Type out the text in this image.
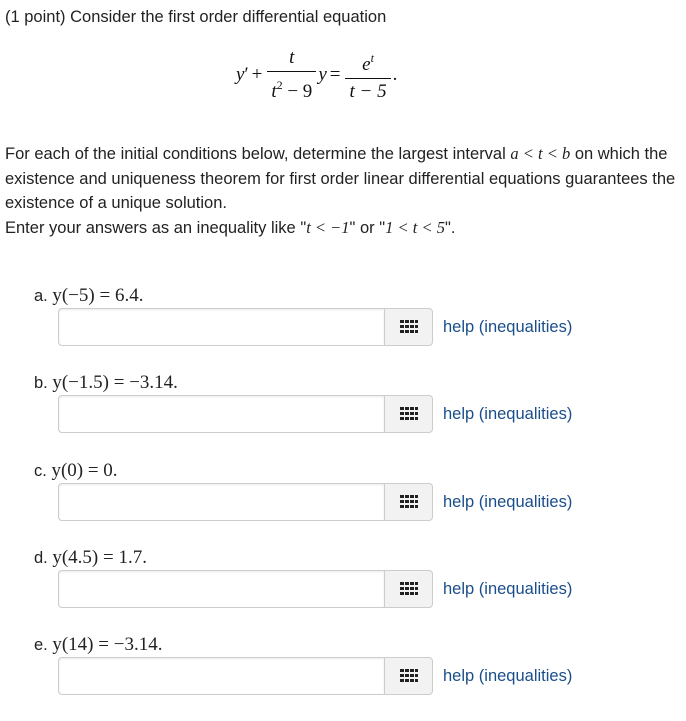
(1 point) Consider the first order differential equation
y ′ + $\frac{t}{t^2 - 9}$ $y = \frac{e^t}{t - 5}$ .

For each of the initial conditions below, determine the largest interval a < t < b on which the existence and uniqueness theorem for first order linear differential equations guarantees the existence of a unique solution.

Enter your answers as an inequality like "t < −1" or "1 < t < 5".

a. y(−5) = 6.4.
help (inequalities)
b. y(−1.5) = −3.14.
help (inequalities)
c. y(0) = 0.
help (inequalities)
d. y(4.5) = 1.7.
help (inequalities)
e. y(14) = −3.14.
help (inequalities)
